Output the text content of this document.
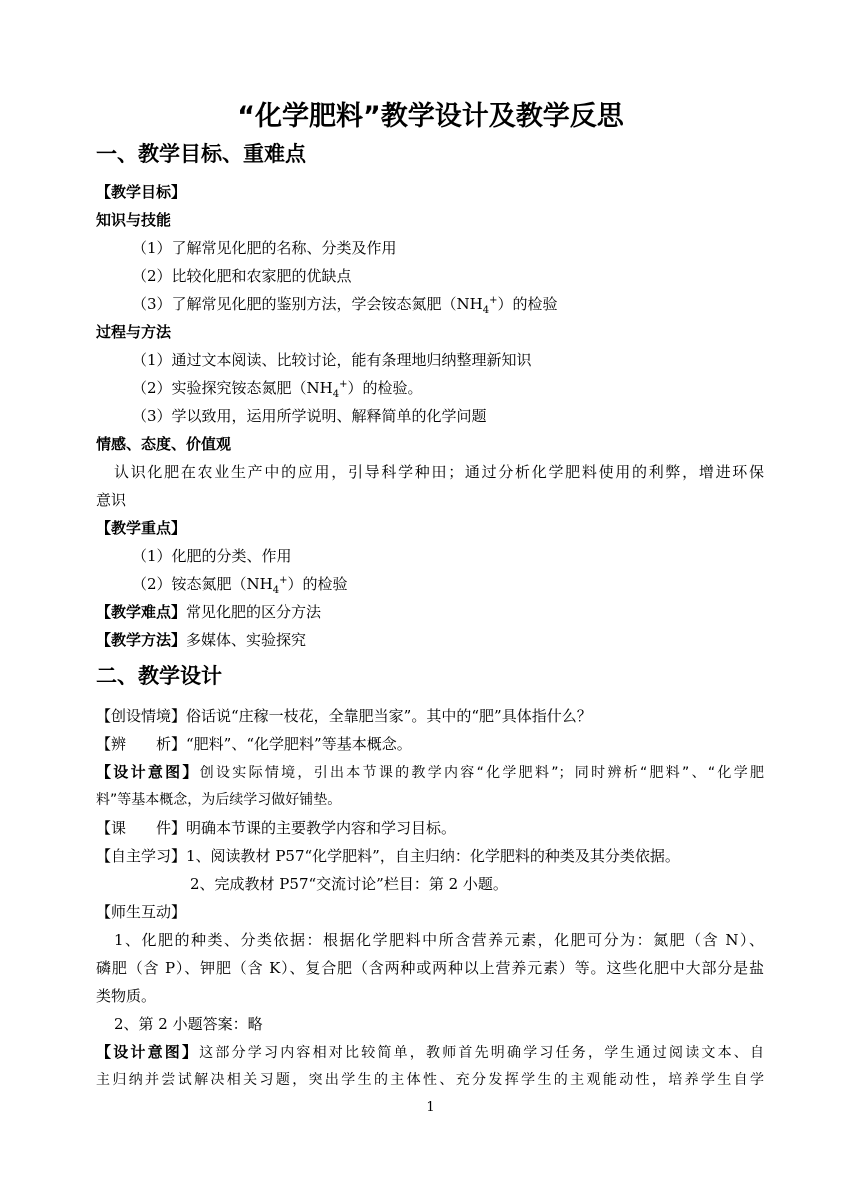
“化学肥料”教学设计及教学反思
一、教学目标、重难点
【教学目标】
知识与技能
（1）了解常见化肥的名称、分类及作用
（2）比较化肥和农家肥的优缺点
（3）了解常见化肥的鉴别方法，学会铵态氮肥$(NH_4^+)$的检验
过程与方法
（1）通过文本阅读、比较讨论，能有条理地归纳整理新知识
（2）实验探究铵态氮肥$(NH_4^+)$的检验。
（3）学以致用，运用所学说明、解释简单的化学问题
情感、态度、价值观
认识化肥在农业生产中的应用，引导科学种田；通过分析化学肥料使用的利弊，增进环保
意识
【教学重点】
（1）化肥的分类、作用
（2）铵态氮肥$(NH_4^+)$的检验
【教学难点】常见化肥的区分方法
【教学方法】多媒体、实验探究
二、教学设计
【创设情境】俗话说“庄稼一枝花，全靠肥当家”。其中的“肥”具体指什么？
【辨　　析】“肥料”、“化学肥料”等基本概念。
【设计意图】创设实际情境，引出本节课的教学内容“化学肥料”；同时辨析“肥料”、“化学肥
料”等基本概念，为后续学习做好铺垫。
【课　　件】明确本节课的主要教学内容和学习目标。
【自主学习】1、阅读教材 P57“化学肥料”，自主归纳：化学肥料的种类及其分类依据。
2、完成教材 P57“交流讨论”栏目：第 2 小题。
【师生互动】
1、化肥的种类、分类依据：根据化学肥料中所含营养元素，化肥可分为：氮肥（含 N）、
磷肥（含 P）、钾肥（含 K）、复合肥（含两种或两种以上营养元素）等。这些化肥中大部分是盐
类物质。
2、第 2 小题答案：略
【设计意图】这部分学习内容相对比较简单，教师首先明确学习任务，学生通过阅读文本、自
主归纳并尝试解决相关习题，突出学生的主体性、充分发挥学生的主观能动性，培养学生自学
1
